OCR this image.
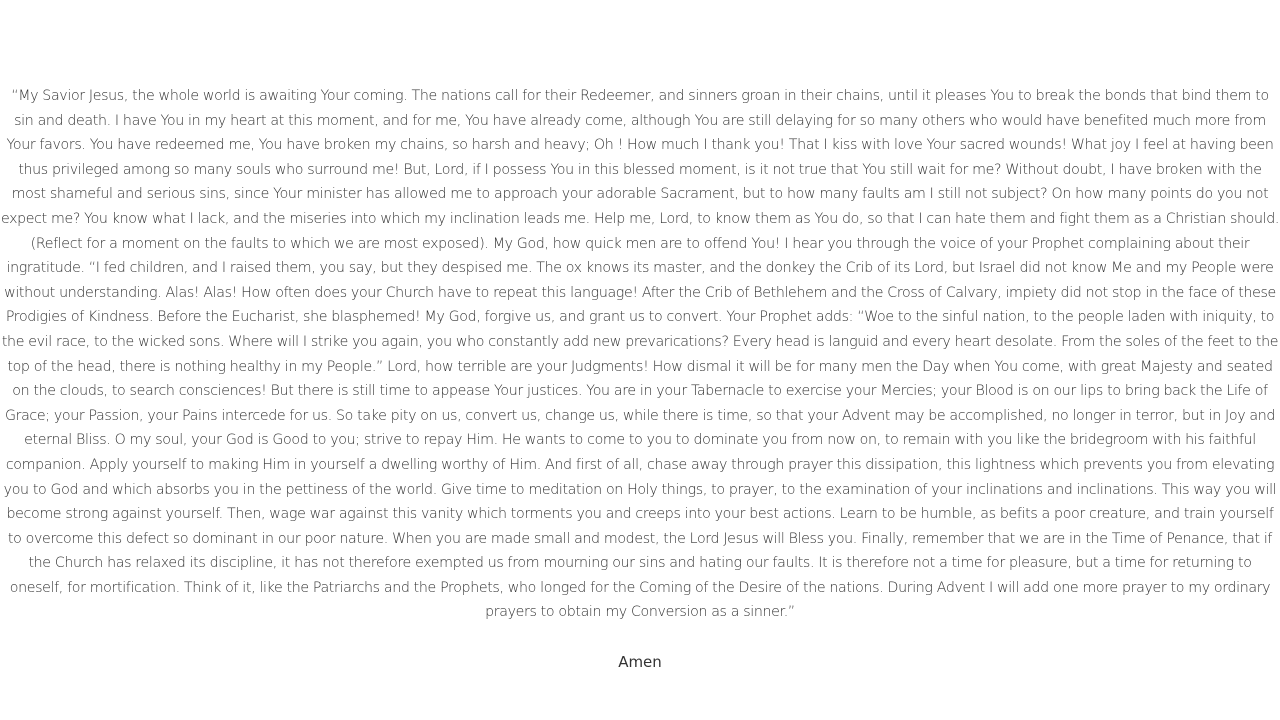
“My Savior Jesus, the whole world is awaiting Your coming. The nations call for their Redeemer, and sinners groan in their chains, until it pleases You to break the bonds that bind them to sin and death. I have You in my heart at this moment, and for me, You have already come, although You are still delaying for so many others who would have benefited much more from Your favors. You have redeemed me, You have broken my chains, so harsh and heavy; Oh ! How much I thank you! That I kiss with love Your sacred wounds! What joy I feel at having been thus privileged among so many souls who surround me! But, Lord, if I possess You in this blessed moment, is it not true that You still wait for me? Without doubt, I have broken with the most shameful and serious sins, since Your minister has allowed me to approach your adorable Sacrament, but to how many faults am I still not subject? On how many points do you not expect me? You know what I lack, and the miseries into which my inclination leads me. Help me, Lord, to know them as You do, so that I can hate them and fight them as a Christian should. (Reflect for a moment on the faults to which we are most exposed). My God, how quick men are to offend You! I hear you through the voice of your Prophet complaining about their ingratitude. “I fed children, and I raised them, you say, but they despised me. The ox knows its master, and the donkey the Crib of its Lord, but Israel did not know Me and my People were without understanding. Alas! Alas! How often does your Church have to repeat this language! After the Crib of Bethlehem and the Cross of Calvary, impiety did not stop in the face of these Prodigies of Kindness. Before the Eucharist, she blasphemed! My God, forgive us, and grant us to convert. Your Prophet adds: “Woe to the sinful nation, to the people laden with iniquity, to the evil race, to the wicked sons. Where will I strike you again, you who constantly add new prevarications? Every head is languid and every heart desolate. From the soles of the feet to the top of the head, there is nothing healthy in my People.” Lord, how terrible are your Judgments! How dismal it will be for many men the Day when You come, with great Majesty and seated on the clouds, to search consciences! But there is still time to appease Your justices. You are in your Tabernacle to exercise your Mercies; your Blood is on our lips to bring back the Life of Grace; your Passion, your Pains intercede for us. So take pity on us, convert us, change us, while there is time, so that your Advent may be accomplished, no longer in terror, but in Joy and eternal Bliss. O my soul, your God is Good to you; strive to repay Him. He wants to come to you to dominate you from now on, to remain with you like the bridegroom with his faithful companion. Apply yourself to making Him in yourself a dwelling worthy of Him. And first of all, chase away through prayer this dissipation, this lightness which prevents you from elevating you to God and which absorbs you in the pettiness of the world. Give time to meditation on Holy things, to prayer, to the examination of your inclinations and inclinations. This way you will become strong against yourself. Then, wage war against this vanity which torments you and creeps into your best actions. Learn to be humble, as befits a poor creature, and train yourself to overcome this defect so dominant in our poor nature. When you are made small and modest, the Lord Jesus will Bless you. Finally, remember that we are in the Time of Penance, that if the Church has relaxed its discipline, it has not therefore exempted us from mourning our sins and hating our faults. It is therefore not a time for pleasure, but a time for returning to oneself, for mortification. Think of it, like the Patriarchs and the Prophets, who longed for the Coming of the Desire of the nations. During Advent I will add one more prayer to my ordinary prayers to obtain my Conversion as a sinner.”

Amen
